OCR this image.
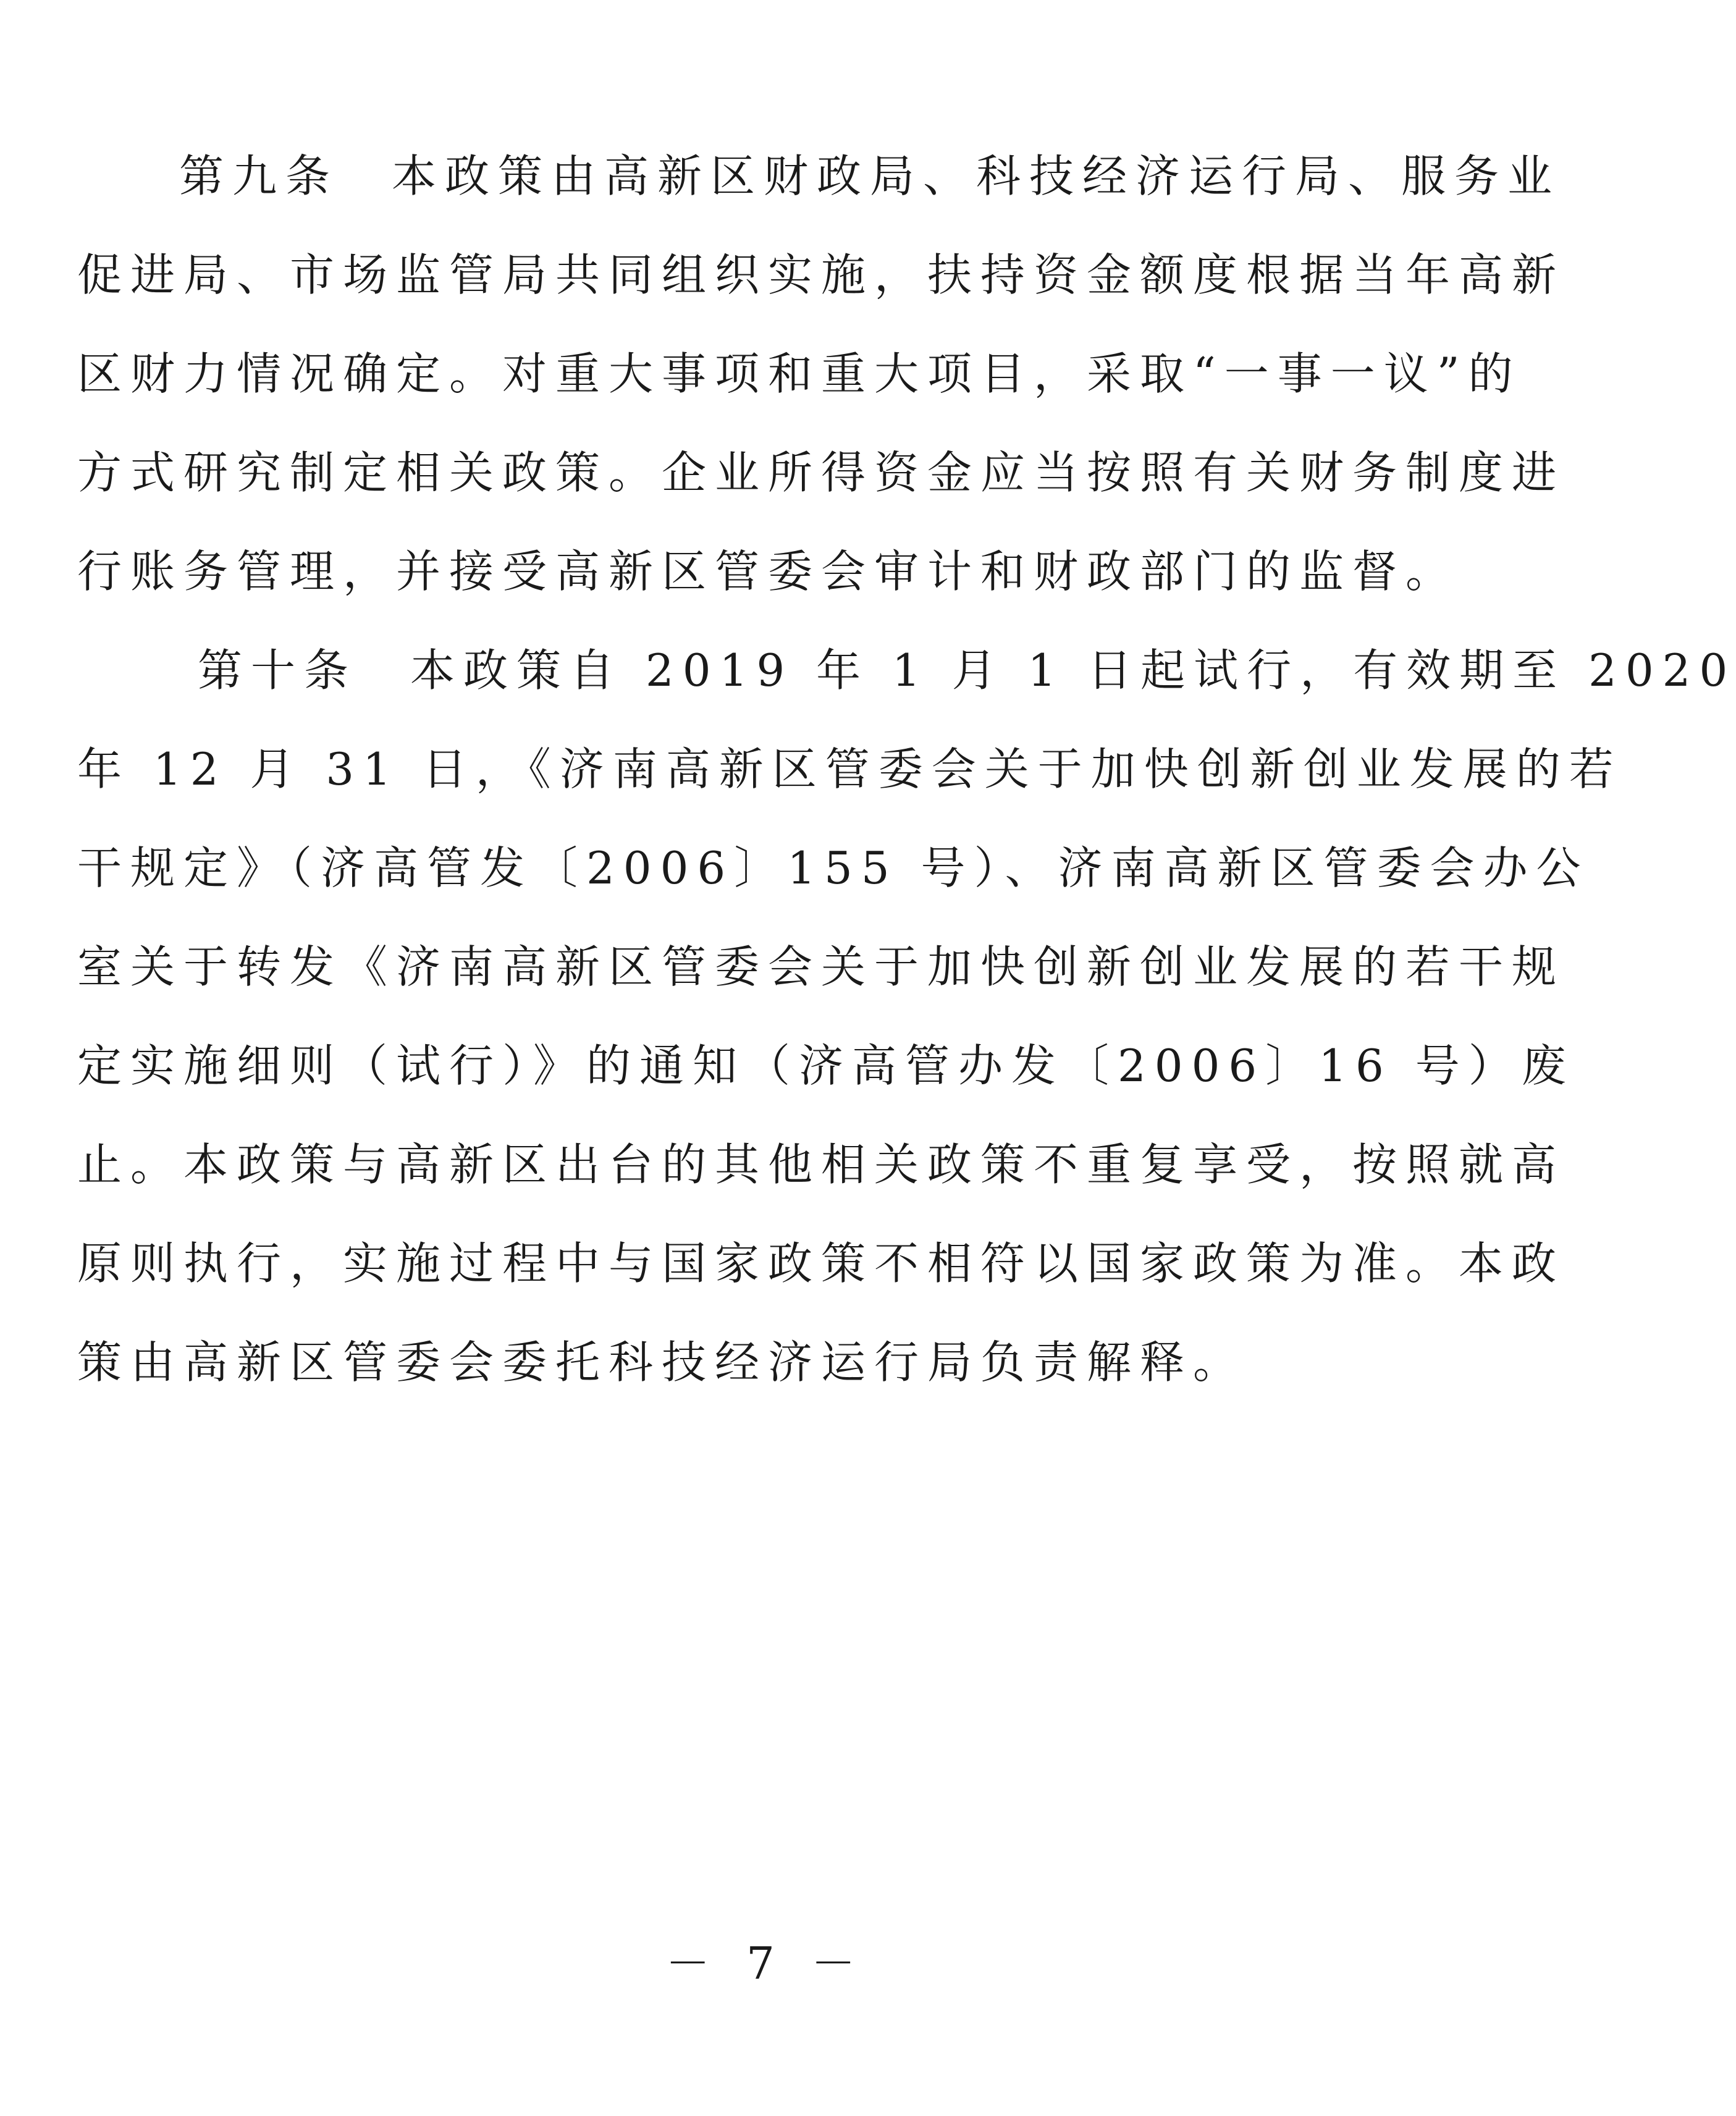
第九条　本政策由高新区财政局、科技经济运行局、服务业
促进局、市场监管局共同组织实施，扶持资金额度根据当年高新
区财力情况确定。对重大事项和重大项目，采取“一事一议”的
方式研究制定相关政策。企业所得资金应当按照有关财务制度进
行账务管理，并接受高新区管委会审计和财政部门的监督。
第十条　本政策自 2019 年 1 月 1 日起试行，有效期至 2020
年 12 月 31 日，《济南高新区管委会关于加快创新创业发展的若
干规定》（济高管发〔2006〕155 号）、济南高新区管委会办公
室关于转发《济南高新区管委会关于加快创新创业发展的若干规
定实施细则（试行）》的通知（济高管办发〔2006〕16 号）废
止。本政策与高新区出台的其他相关政策不重复享受，按照就高
原则执行，实施过程中与国家政策不相符以国家政策为准。本政
策由高新区管委会委托科技经济运行局负责解释。
－ 7 －
